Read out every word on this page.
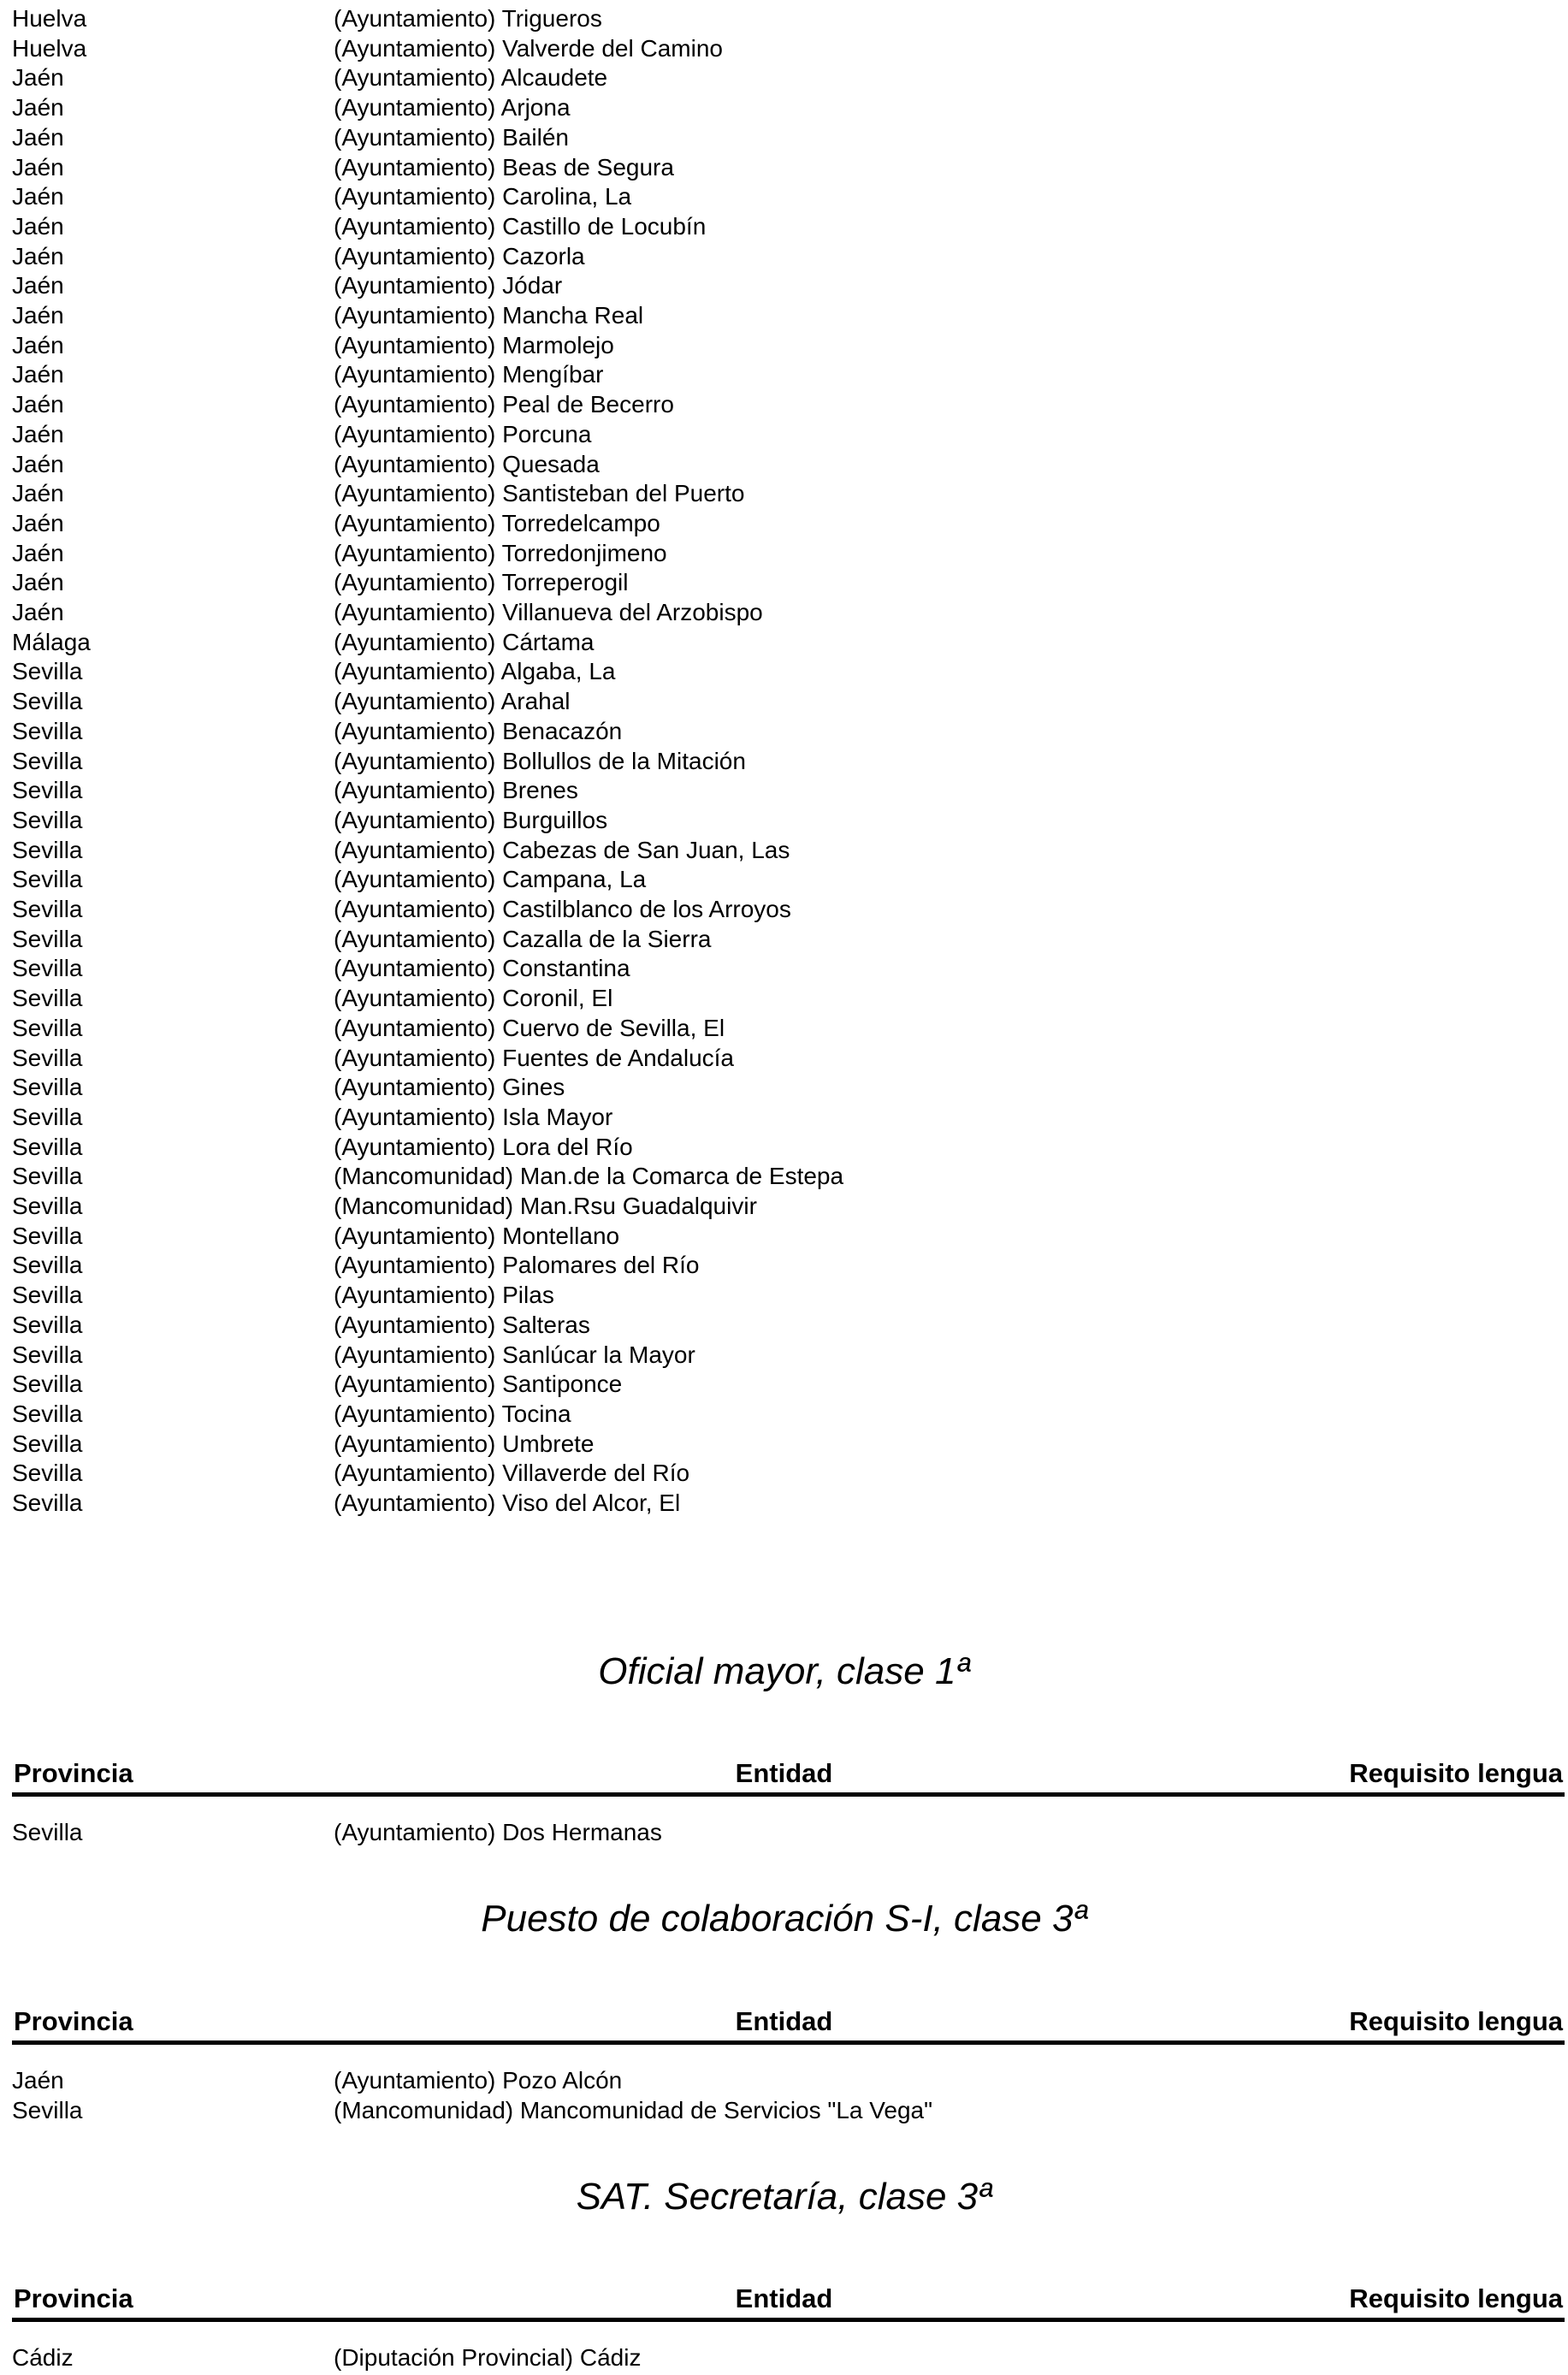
Huelva	(Ayuntamiento) Trigueros
Huelva	(Ayuntamiento) Valverde del Camino
Jaén	(Ayuntamiento) Alcaudete
Jaén	(Ayuntamiento) Arjona
Jaén	(Ayuntamiento) Bailén
Jaén	(Ayuntamiento) Beas de Segura
Jaén	(Ayuntamiento) Carolina, La
Jaén	(Ayuntamiento) Castillo de Locubín
Jaén	(Ayuntamiento) Cazorla
Jaén	(Ayuntamiento) Jódar
Jaén	(Ayuntamiento) Mancha Real
Jaén	(Ayuntamiento) Marmolejo
Jaén	(Ayuntamiento) Mengíbar
Jaén	(Ayuntamiento) Peal de Becerro
Jaén	(Ayuntamiento) Porcuna
Jaén	(Ayuntamiento) Quesada
Jaén	(Ayuntamiento) Santisteban del Puerto
Jaén	(Ayuntamiento) Torredelcampo
Jaén	(Ayuntamiento) Torredonjimeno
Jaén	(Ayuntamiento) Torreperogil
Jaén	(Ayuntamiento) Villanueva del Arzobispo
Málaga	(Ayuntamiento) Cártama
Sevilla	(Ayuntamiento) Algaba, La
Sevilla	(Ayuntamiento) Arahal
Sevilla	(Ayuntamiento) Benacazón
Sevilla	(Ayuntamiento) Bollullos de la Mitación
Sevilla	(Ayuntamiento) Brenes
Sevilla	(Ayuntamiento) Burguillos
Sevilla	(Ayuntamiento) Cabezas de San Juan, Las
Sevilla	(Ayuntamiento) Campana, La
Sevilla	(Ayuntamiento) Castilblanco de los Arroyos
Sevilla	(Ayuntamiento) Cazalla de la Sierra
Sevilla	(Ayuntamiento) Constantina
Sevilla	(Ayuntamiento) Coronil, El
Sevilla	(Ayuntamiento) Cuervo de Sevilla, El
Sevilla	(Ayuntamiento) Fuentes de Andalucía
Sevilla	(Ayuntamiento) Gines
Sevilla	(Ayuntamiento) Isla Mayor
Sevilla	(Ayuntamiento) Lora del Río
Sevilla	(Mancomunidad) Man.de la Comarca de Estepa
Sevilla	(Mancomunidad) Man.Rsu Guadalquivir
Sevilla	(Ayuntamiento) Montellano
Sevilla	(Ayuntamiento) Palomares del Río
Sevilla	(Ayuntamiento) Pilas
Sevilla	(Ayuntamiento) Salteras
Sevilla	(Ayuntamiento) Sanlúcar la Mayor
Sevilla	(Ayuntamiento) Santiponce
Sevilla	(Ayuntamiento) Tocina
Sevilla	(Ayuntamiento) Umbrete
Sevilla	(Ayuntamiento) Villaverde del Río
Sevilla	(Ayuntamiento) Viso del Alcor, El
Oficial mayor, clase 1ª
Provincia	Entidad	Requisito lengua
Sevilla	(Ayuntamiento) Dos Hermanas
Puesto de colaboración S-I, clase 3ª
Provincia	Entidad	Requisito lengua
Jaén	(Ayuntamiento) Pozo Alcón
Sevilla	(Mancomunidad) Mancomunidad de Servicios "La Vega"
SAT. Secretaría, clase 3ª
Provincia	Entidad	Requisito lengua
Cádiz	(Diputación Provincial) Cádiz
